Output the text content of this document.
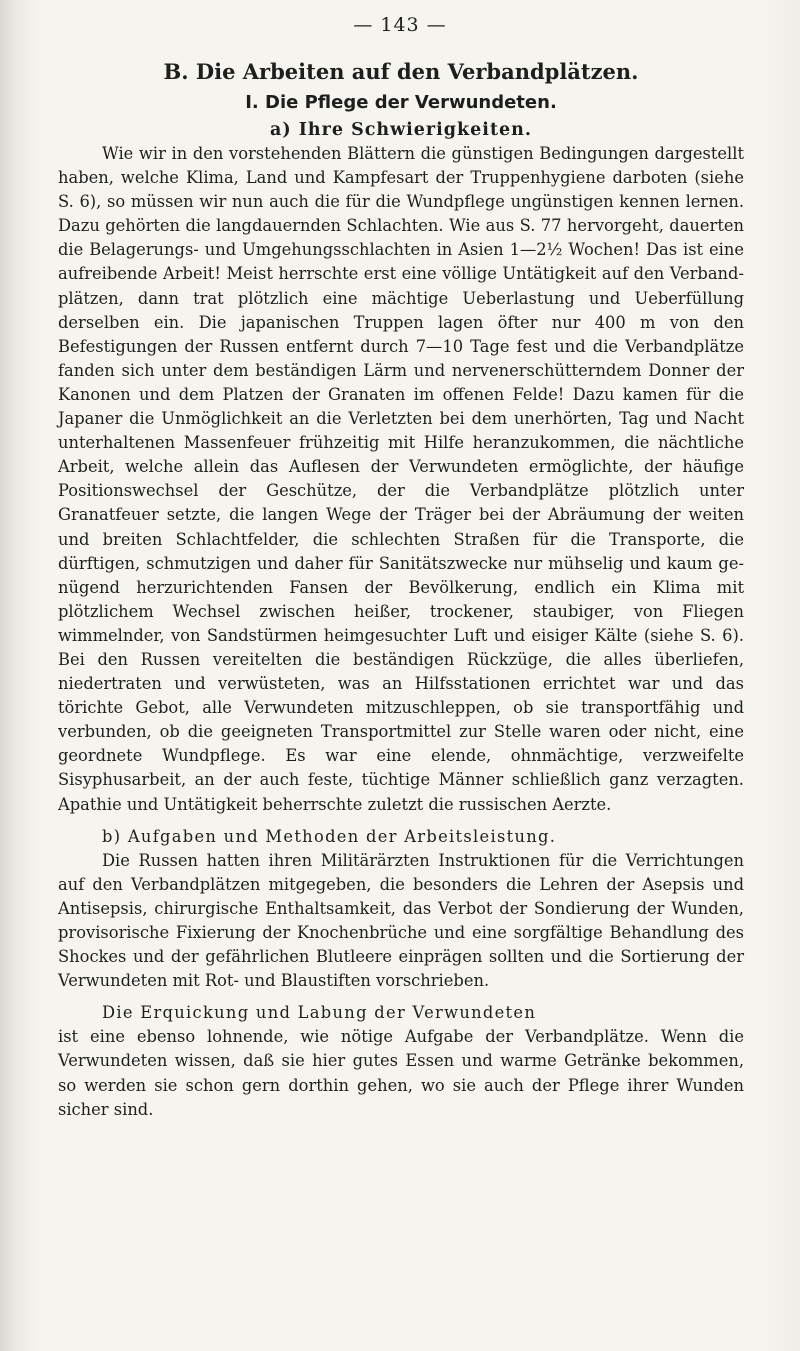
— 143 —
B. Die Arbeiten auf den Verbandplätzen.
I. Die Pflege der Verwundeten.
a) Ihre Schwierigkeiten.

Wie wir in den vorstehenden Blättern die günstigen Bedingungen dargestellt haben, welche Klima, Land und Kampfesart der Truppenhygiene darboten (siehe S. 6), so müssen wir nun auch die für die Wundpflege ungünstigen kennen lernen. Dazu gehörten die langdauernden Schlachten. Wie aus S. 77 hervorgeht, dauerten die Belagerungs- und Umgehungsschlachten in Asien 1—2½ Wochen! Das ist eine aufreibende Arbeit! Meist herrschte erst eine völlige Untätigkeit auf den Verbandplätzen, dann trat plötzlich eine mächtige Ueberlastung und Ueberfüllung derselben ein. Die japanischen Truppen lagen öfter nur 400 m von den Befestigungen der Russen entfernt durch 7—10 Tage fest und die Verbandplätze fanden sich unter dem beständigen Lärm und nervenerschütterndem Donner der Kanonen und dem Platzen der Granaten im offenen Felde! Dazu kamen für die Japaner die Unmöglichkeit an die Verletzten bei dem unerhörten, Tag und Nacht unterhaltenen Massenfeuer frühzeitig mit Hilfe heranzukommen, die nächtliche Arbeit, welche allein das Auflesen der Verwundeten ermöglichte, der häufige Positionswechsel der Geschütze, der die Verbandplätze plötzlich unter Granatfeuer setzte, die langen Wege der Träger bei der Abräumung der weiten und breiten Schlachtfelder, die schlechten Straßen für die Transporte, die dürftigen, schmutzigen und daher für Sanitätszwecke nur mühselig und kaum genügend herzurichtenden Fansen der Bevölkerung, endlich ein Klima mit plötzlichem Wechsel zwischen heißer, trockener, staubiger, von Fliegen wimmelnder, von Sandstürmen heimgesuchter Luft und eisiger Kälte (siehe S. 6). Bei den Russen vereitelten die beständigen Rückzüge, die alles überliefen, niedertraten und verwüsteten, was an Hilfsstationen errichtet war und das törichte Gebot, alle Verwundeten mitzuschleppen, ob sie transportfähig und verbunden, ob die geeigneten Transportmittel zur Stelle waren oder nicht, eine geordnete Wundpflege. Es war eine elende, ohnmächtige, verzweifelte Sisyphusarbeit, an der auch feste, tüchtige Männer schließlich ganz verzagten. Apathie und Untätigkeit beherrschte zuletzt die russischen Aerzte.

b) Aufgaben und Methoden der Arbeitsleistung.

Die Russen hatten ihren Militärärzten Instruktionen für die Verrichtungen auf den Verbandplätzen mitgegeben, die besonders die Lehren der Asepsis und Antisepsis, chirurgische Enthaltsamkeit, das Verbot der Sondierung der Wunden, provisorische Fixierung der Knochenbrüche und eine sorgfältige Behandlung des Shockes und der gefährlichen Blutleere einprägen sollten und die Sortierung der Verwundeten mit Rot- und Blaustiften vorschrieben.

Die Erquickung und Labung der Verwundeten

ist eine ebenso lohnende, wie nötige Aufgabe der Verbandplätze. Wenn die Verwundeten wissen, daß sie hier gutes Essen und warme Getränke bekommen, so werden sie schon gern dorthin gehen, wo sie auch der Pflege ihrer Wunden sicher sind.
